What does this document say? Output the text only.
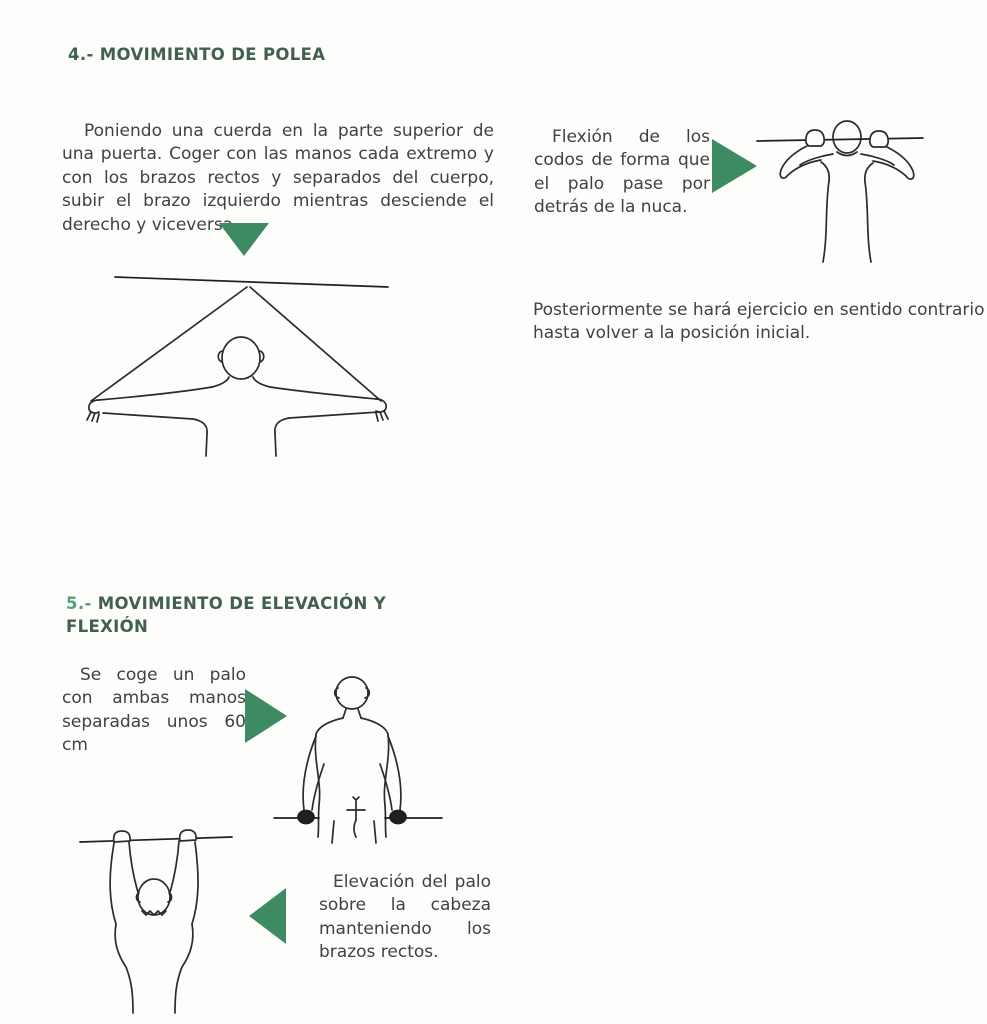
4.- MOVIMIENTO DE POLEA

Poniendo una cuerda en la parte superior de una puerta. Coger con las manos cada extremo y con los brazos rectos y separados del cuerpo, subir el brazo izquierdo mientras desciende el derecho y viceversa.

Flexión de los codos de forma que el palo pase por detrás de la nuca.

Posteriormente se hará ejercicio en sentido contrario hasta volver a la posición inicial.

5.- MOVIMIENTO DE ELEVACIÓN Y FLEXIÓN

Se coge un palo con ambas manos separadas unos 60 cm

Elevación del palo sobre la cabeza manteniendo los brazos rectos.
